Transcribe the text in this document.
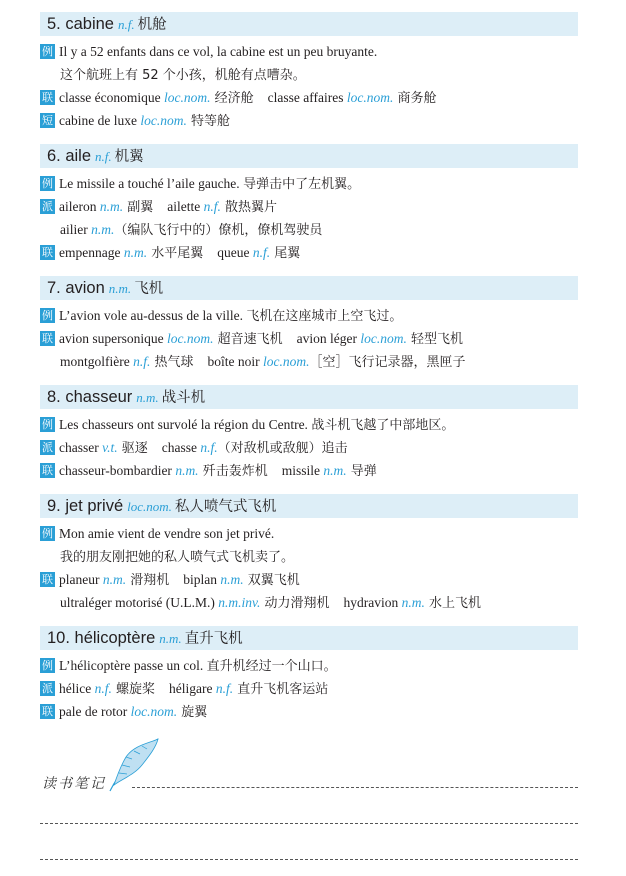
5. cabine n.f. 机舱
例 Il y a 52 enfants dans ce vol, la cabine est un peu bruyante.
这个航班上有 52 个小孩，机舱有点嘈杂。
联 classe économique loc.nom. 经济舱 classe affaires loc.nom. 商务舱
短 cabine de luxe loc.nom. 特等舱
6. aile n.f. 机翼
例 Le missile a touché l’aile gauche. 导弹击中了左机翼。
派 aileron n.m. 副翼 ailette n.f. 散热翼片
ailier n.m.（编队飞行中的）僚机，僚机驾驶员
联 empennage n.m. 水平尾翼 queue n.f. 尾翼
7. avion n.m. 飞机
例 L’avion vole au-dessus de la ville. 飞机在这座城市上空飞过。
联 avion supersonique loc.nom. 超音速飞机 avion léger loc.nom. 轻型飞机
montgolfière n.f. 热气球 boîte noir loc.nom.［空］飞行记录器，黑匣子
8. chasseur n.m. 战斗机
例 Les chasseurs ont survolé la région du Centre. 战斗机飞越了中部地区。
派 chasser v.t. 驱逐 chasse n.f.（对敌机或敌舰）追击
联 chasseur-bombardier n.m. 歼击轰炸机 missile n.m. 导弹
9. jet privé loc.nom. 私人喷气式飞机
例 Mon amie vient de vendre son jet privé.
我的朋友刚把她的私人喷气式飞机卖了。
联 planeur n.m. 滑翔机 biplan n.m. 双翼飞机
ultraléger motorisé (U.L.M.) n.m.inv. 动力滑翔机 hydravion n.m. 水上飞机
10. hélicoptère n.m. 直升飞机
例 L’hélicoptère passe un col. 直升机经过一个山口。
派 hélice n.f. 螺旋桨 héligare n.f. 直升飞机客运站
联 pale de rotor loc.nom. 旋翼
读书笔记
